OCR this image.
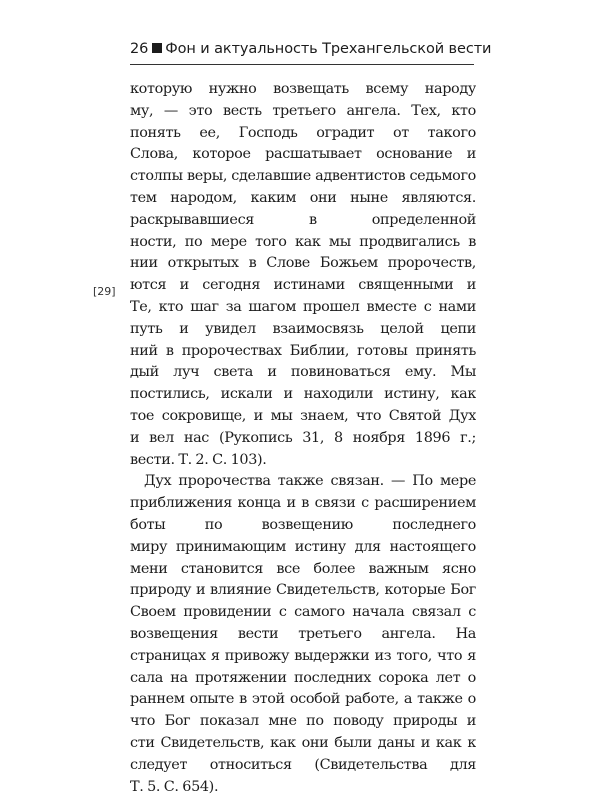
26 Фон и актуальность Трехангельской вести
[29]
которую нужно возвещать всему народу
му, — это весть третьего ангела. Тех, кто
понять ее, Господь оградит от такого
Слова, которое расшатывает основание и
столпы веры, сделавшие адвентистов седьмого
тем народом, каким они ныне являются.
раскрывавшиеся в определенной
ности, по мере того как мы продвигались в
нии открытых в Слове Божьем пророчеств,
ются и сегодня истинами священными и
Те, кто шаг за шагом прошел вместе с нами
путь и увидел взаимосвязь целой цепи
ний в пророчествах Библии, готовы принять
дый луч света и повиноваться ему. Мы
постились, искали и находили истину, как
тое сокровище, и мы знаем, что Святой Дух
и вел нас (Рукопись 31, 8 ноября 1896 г.;
вести. Т. 2. С. 103).
Дух пророчества также связан. — По мере
приближения конца и в связи с расширением
боты по возвещению последнего
миру принимающим истину для настоящего
мени становится все более важным ясно
природу и влияние Свидетельств, которые Бог
Своем провидении с самого начала связал с
возвещения вести третьего ангела. На
страницах я привожу выдержки из того, что я
сала на протяжении последних сорока лет о
раннем опыте в этой особой работе, а также о
что Бог показал мне по поводу природы и
сти Свидетельств, как они были даны и как к
следует относиться (Свидетельства для
Т. 5. С. 654).
